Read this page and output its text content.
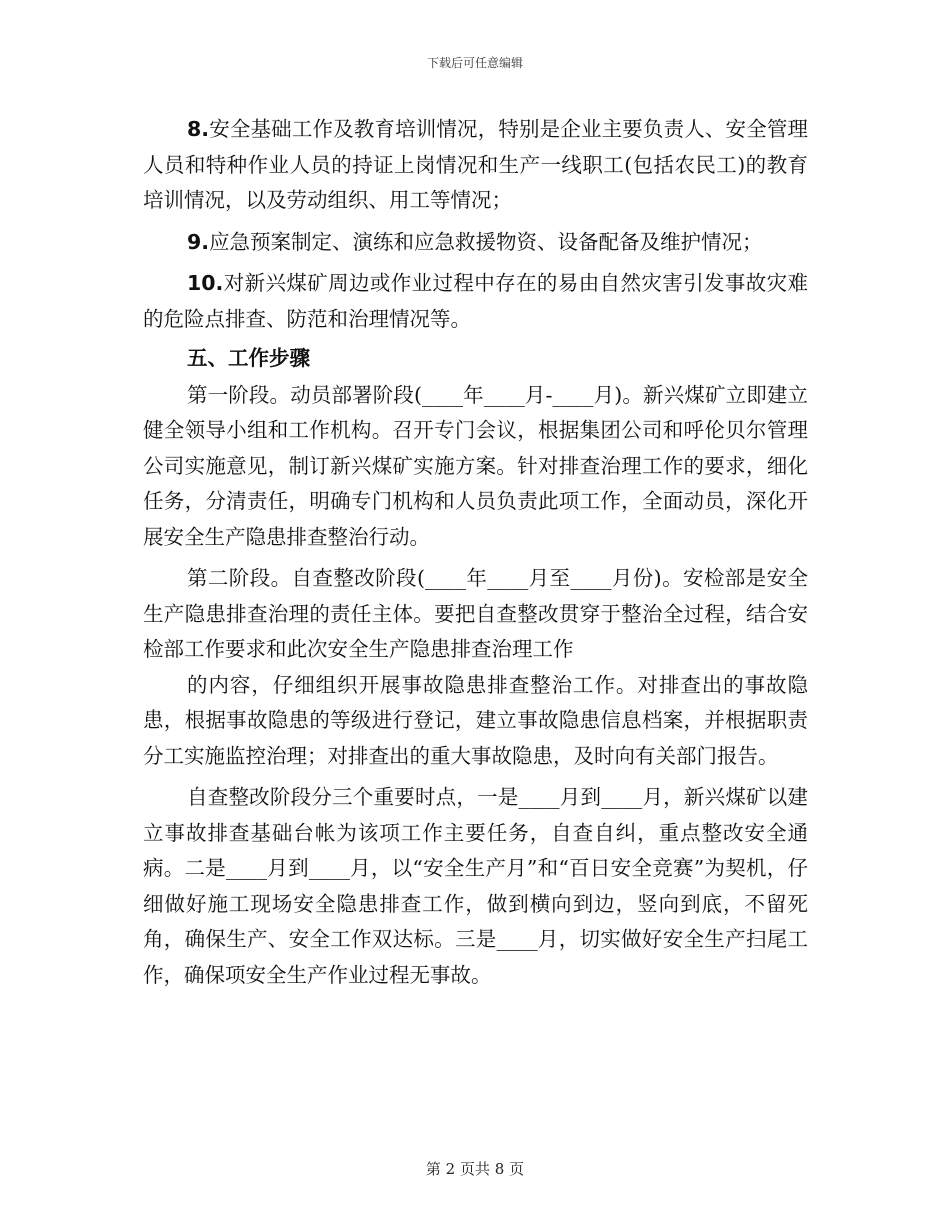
下载后可任意编辑

8.安全基础工作及教育培训情况，特别是企业主要负责人、安全管理人员和特种作业人员的持证上岗情况和生产一线职工(包括农民工)的教育培训情况，以及劳动组织、用工等情况；

9.应急预案制定、演练和应急救援物资、设备配备及维护情况；

10.对新兴煤矿周边或作业过程中存在的易由自然灾害引发事故灾难的危险点排查、防范和治理情况等。

五、工作步骤

第一阶段。动员部署阶段(____年____月-____月)。新兴煤矿立即建立健全领导小组和工作机构。召开专门会议，根据集团公司和呼伦贝尔管理公司实施意见，制订新兴煤矿实施方案。针对排查治理工作的要求，细化任务，分清责任，明确专门机构和人员负责此项工作，全面动员，深化开展安全生产隐患排查整治行动。

第二阶段。自查整改阶段(____年____月至____月份)。安检部是安全生产隐患排查治理的责任主体。要把自查整改贯穿于整治全过程，结合安检部工作要求和此次安全生产隐患排查治理工作

的内容，仔细组织开展事故隐患排查整治工作。对排查出的事故隐患，根据事故隐患的等级进行登记，建立事故隐患信息档案，并根据职责分工实施监控治理；对排查出的重大事故隐患，及时向有关部门报告。

自查整改阶段分三个重要时点，一是____月到____月，新兴煤矿以建立事故排查基础台帐为该项工作主要任务，自查自纠，重点整改安全通病。二是____月到____月，以“安全生产月”和“百日安全竞赛”为契机，仔细做好施工现场安全隐患排查工作，做到横向到边，竖向到底，不留死角，确保生产、安全工作双达标。三是____月，切实做好安全生产扫尾工作，确保项安全生产作业过程无事故。

第 2 页共 8 页
